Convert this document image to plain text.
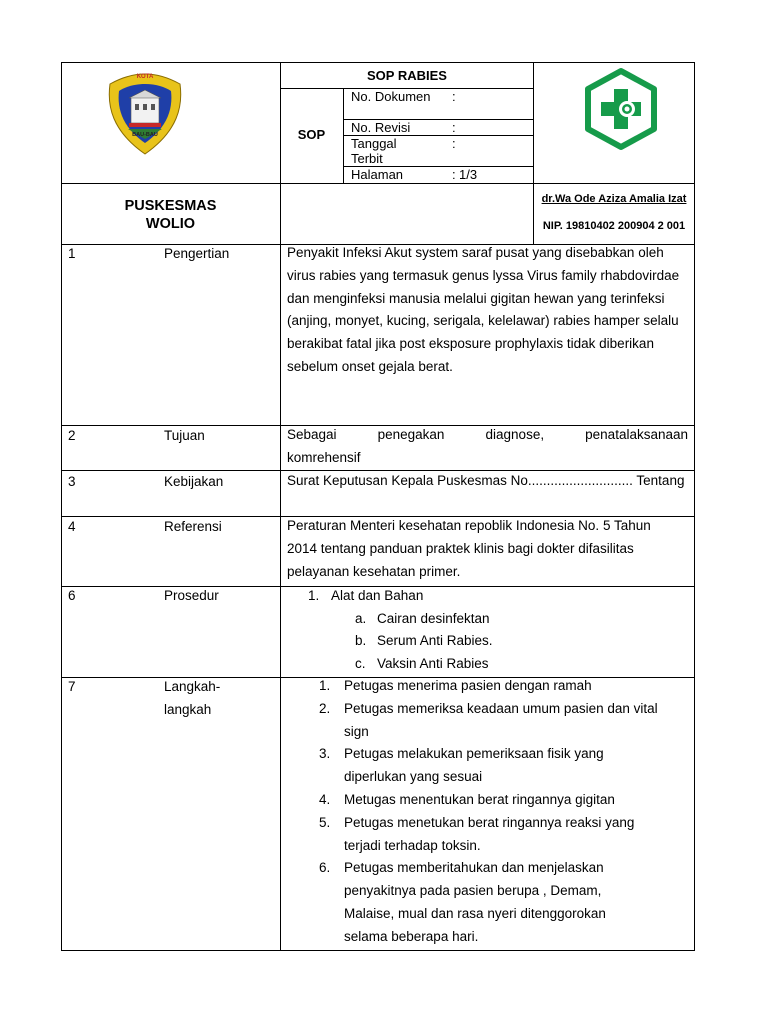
KOTA
BAU-BAU
SOP RABIES
SOP
No. Dokumen :
No. Revisi	:
Tanggal Terbit
:
Halaman	: 1/3
PUSKESMAS
WOLIO
dr.Wa Ode Aziza Amalia Izat
NIP. 19810402 200904 2 001
1	Pengertian	Penyakit Infeksi Akut system saraf pusat yang disebabkan oleh virus rabies yang termasuk genus lyssa Virus family rhabdovirdae dan menginfeksi manusia melalui gigitan hewan yang terinfeksi (anjing, monyet, kucing, serigala, kelelawar) rabies hamper selalu berakibat fatal jika post eksposure prophylaxis tidak diberikan sebelum onset gejala berat.
2	Tujuan	Sebagai penegakan diagnose, penatalaksanaan
komrehensif
3	Kebijakan	Surat Keputusan Kepala Puskesmas No............................ Tentang
4	Referensi	Peraturan Menteri kesehatan repoblik Indonesia No. 5 Tahun 2014 tentang panduan praktek klinis bagi dokter difasilitas pelayanan kesehatan primer.
6	Prosedur	1. Alat dan Bahan
a. Cairan desinfektan
b. Serum Anti Rabies.
c. Vaksin Anti Rabies
7	Langkah-
langkah
1. Petugas menerima pasien dengan ramah
2. Petugas memeriksa keadaan umum pasien dan vital sign
3. Petugas melakukan pemeriksaan fisik yang diperlukan yang sesuai
4. Metugas menentukan berat ringannya gigitan
5. Petugas menetukan berat ringannya reaksi yang terjadi terhadap toksin.
6. Petugas memberitahukan dan menjelaskan penyakitnya pada pasien berupa , Demam, Malaise, mual dan rasa nyeri ditenggorokan selama beberapa hari.
